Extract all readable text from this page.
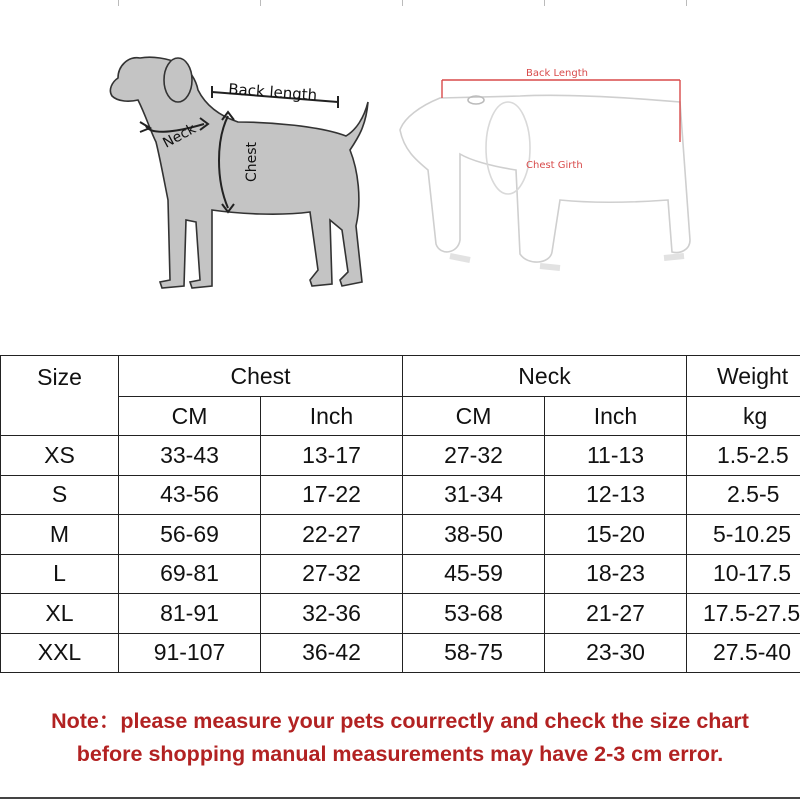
Back length
Neck
Chest
Back Length
Chest Girth
Size	Chest		Neck		Weight
	CM	Inch	CM	Inch	kg
XS	33-43	13-17	27-32	11-13	1.5-2.5
S	43-56	17-22	31-34	12-13	2.5-5
M	56-69	22-27	38-50	15-20	5-10.25
L	69-81	27-32	45-59	18-23	10-17.5
XL	81-91	32-36	53-68	21-27	17.5-27.5
XXL	91-107	36-42	58-75	23-30	27.5-40

Note：please measure your pets courrectly and check the size chart

before shopping manual measurements may have 2-3 cm error.
